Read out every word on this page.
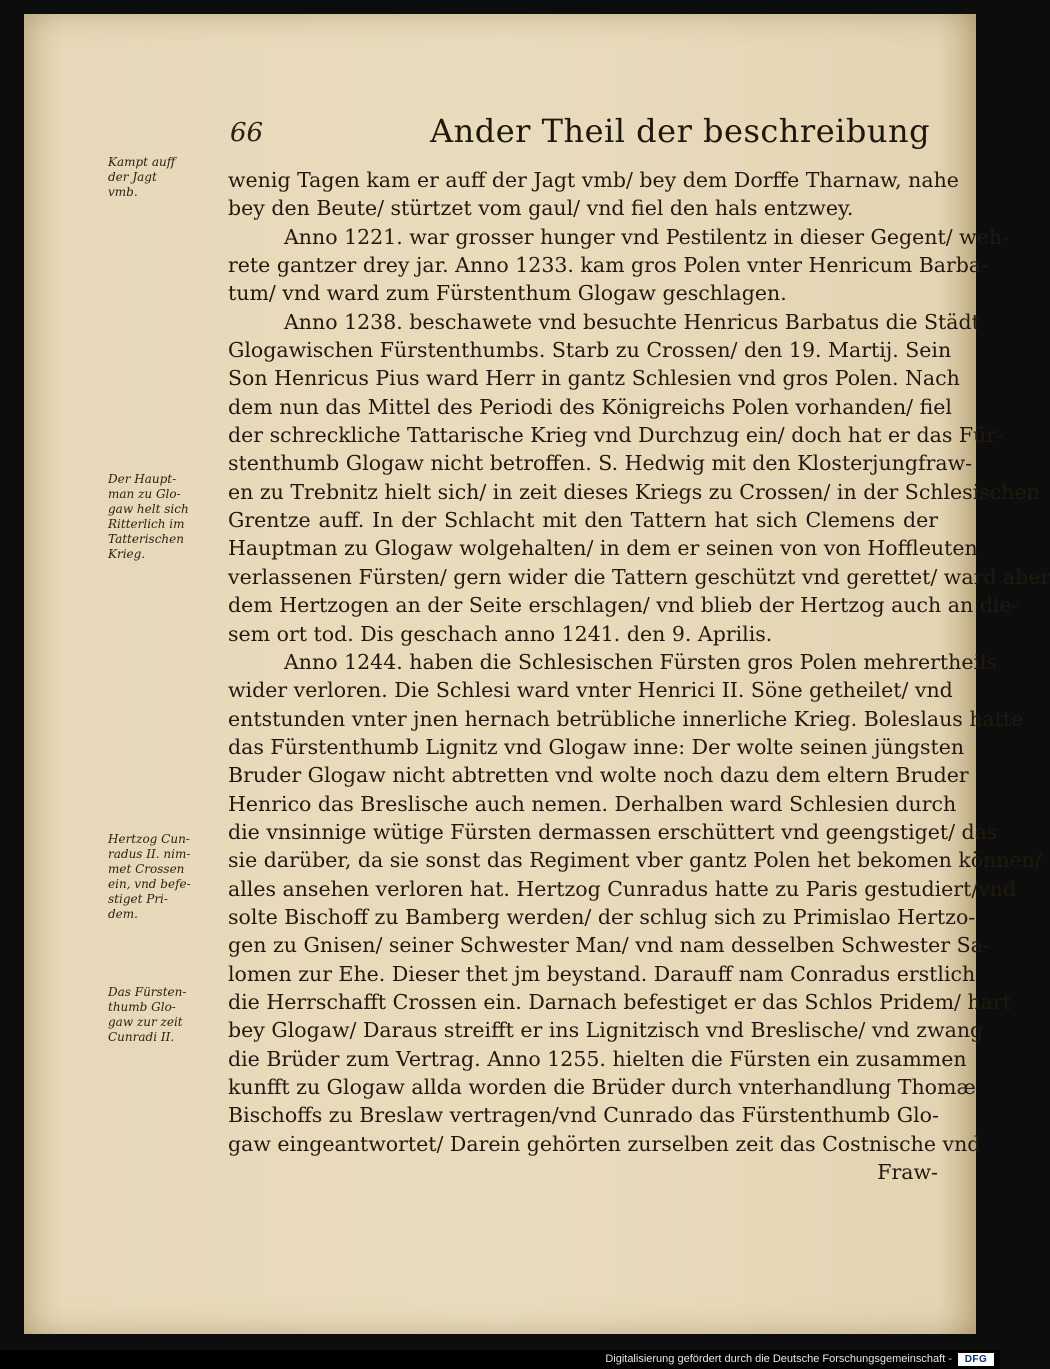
66	Ander Theil der beschreibung
wenig Tagen kam er auff der Jagt vmb/ bey dem Dorffe Tharnaw, nahe
bey den Beute/ stürtzet vom gaul/ vnd fiel den hals entzwey.
Anno 1221. war grosser hunger vnd Pestilentz in dieser Gegent/ weh-
rete gantzer drey jar. Anno 1233. kam gros Polen vnter Henricum Barba-
tum/ vnd ward zum Fürstenthum Glogaw geschlagen.
Anno 1238. beschawete vnd besuchte Henricus Barbatus die Städt
Glogawischen Fürstenthumbs. Starb zu Crossen/ den 19. Martij. Sein
Son Henricus Pius ward Herr in gantz Schlesien vnd gros Polen. Nach
dem nun das Mittel des Periodi des Königreichs Polen vorhanden/ fiel
der schreckliche Tattarische Krieg vnd Durchzug ein/ doch hat er das Für-
stenthumb Glogaw nicht betroffen. S. Hedwig mit den Klosterjungfraw-
en zu Trebnitz hielt sich/ in zeit dieses Kriegs zu Crossen/ in der Schlesischen
Grentze auff. In der Schlacht mit den Tattern hat sich Clemens der
Hauptman zu Glogaw wolgehalten/ in dem er seinen von von Hoffleuten
verlassenen Fürsten/ gern wider die Tattern geschützt vnd gerettet/ ward aber
dem Hertzogen an der Seite erschlagen/ vnd blieb der Hertzog auch an die-
sem ort tod. Dis geschach anno 1241. den 9. Aprilis.
Anno 1244. haben die Schlesischen Fürsten gros Polen mehrertheils
wider verloren. Die Schlesi ward vnter Henrici II. Söne getheilet/ vnd
entstunden vnter jnen hernach betrübliche innerliche Krieg. Boleslaus hatte
das Fürstenthumb Lignitz vnd Glogaw inne: Der wolte seinen jüngsten
Bruder Glogaw nicht abtretten vnd wolte noch dazu dem eltern Bruder
Henrico das Breslische auch nemen. Derhalben ward Schlesien durch
die vnsinnige wütige Fürsten dermassen erschüttert vnd geengstiget/ das
sie darüber, da sie sonst das Regiment vber gantz Polen het bekomen können/
alles ansehen verloren hat. Hertzog Cunradus hatte zu Paris gestudiert/vnd
solte Bischoff zu Bamberg werden/ der schlug sich zu Primislao Hertzo-
gen zu Gnisen/ seiner Schwester Man/ vnd nam desselben Schwester Sa-
lomen zur Ehe. Dieser thet jm beystand. Darauff nam Conradus erstlich
die Herrschafft Crossen ein. Darnach befestiget er das Schlos Pridem/ hart
bey Glogaw/ Daraus streifft er ins Lignitzisch vnd Breslische/ vnd zwang
die Brüder zum Vertrag. Anno 1255. hielten die Fürsten ein zusammen
kunfft zu Glogaw allda worden die Brüder durch vnterhandlung Thomæ
Bischoffs zu Breslaw vertragen/vnd Cunrado das Fürstenthumb Glo-
gaw eingeantwortet/ Darein gehörten zurselben zeit das Costnische vnd
Fraw-
Kampt auff
der Jagt
vmb.
Der Haupt-
man zu Glo-
gaw helt sich
Ritterlich im
Tatterischen
Krieg.
Hertzog Cun-
radus II. nim-
met Crossen
ein, vnd befe-
stiget Pri-
dem.
Das Fürsten-
thumb Glo-
gaw zur zeit
Cunradi II.
Digitalisierung gefördert durch die Deutsche Forschungsgemeinschaft -	DFG
